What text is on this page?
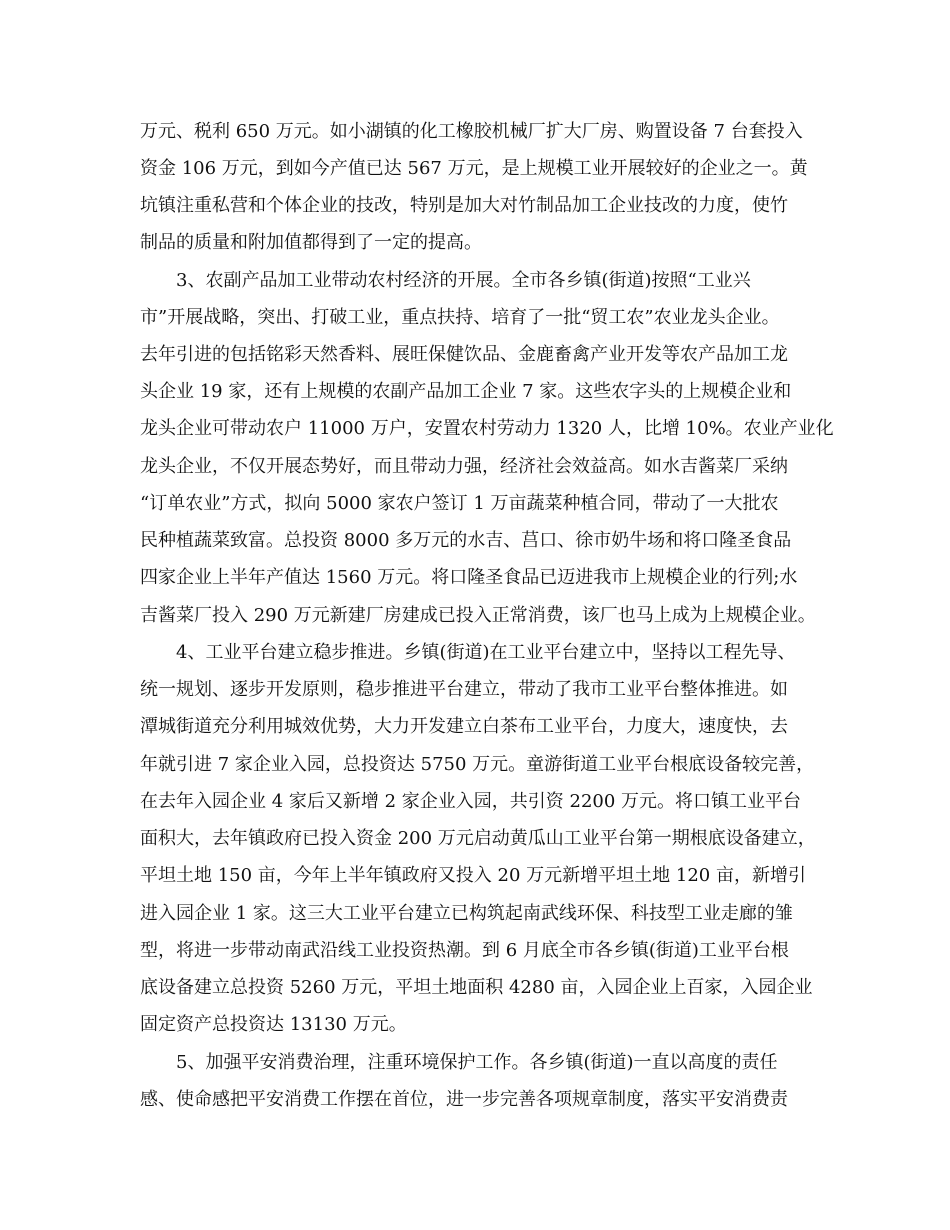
万元、税利 650 万元。如小湖镇的化工橡胶机械厂扩大厂房、购置设备 7 台套投入
资金 106 万元，到如今产值已达 567 万元，是上规模工业开展较好的企业之一。黄
坑镇注重私营和个体企业的技改，特别是加大对竹制品加工企业技改的力度，使竹
制品的质量和附加值都得到了一定的提高。
3、农副产品加工业带动农村经济的开展。全市各乡镇(街道)按照“工业兴
市”开展战略，突出、打破工业，重点扶持、培育了一批“贸工农”农业龙头企业。
去年引进的包括铭彩天然香料、展旺保健饮品、金鹿畜禽产业开发等农产品加工龙
头企业 19 家，还有上规模的农副产品加工企业 7 家。这些农字头的上规模企业和
龙头企业可带动农户 11000 万户，安置农村劳动力 1320 人，比增 10%。农业产业化
龙头企业，不仅开展态势好，而且带动力强，经济社会效益高。如水吉酱菜厂采纳
“订单农业”方式，拟向 5000 家农户签订 1 万亩蔬菜种植合同，带动了一大批农
民种植蔬菜致富。总投资 8000 多万元的水吉、莒口、徐市奶牛场和将口隆圣食品
四家企业上半年产值达 1560 万元。将口隆圣食品已迈进我市上规模企业的行列;水
吉酱菜厂投入 290 万元新建厂房建成已投入正常消费，该厂也马上成为上规模企业。
4、工业平台建立稳步推进。乡镇(街道)在工业平台建立中，坚持以工程先导、
统一规划、逐步开发原则，稳步推进平台建立，带动了我市工业平台整体推进。如
潭城街道充分利用城效优势，大力开发建立白茶布工业平台，力度大，速度快，去
年就引进 7 家企业入园，总投资达 5750 万元。童游街道工业平台根底设备较完善，
在去年入园企业 4 家后又新增 2 家企业入园，共引资 2200 万元。将口镇工业平台
面积大，去年镇政府已投入资金 200 万元启动黄瓜山工业平台第一期根底设备建立，
平坦土地 150 亩，今年上半年镇政府又投入 20 万元新增平坦土地 120 亩，新增引
进入园企业 1 家。这三大工业平台建立已构筑起南武线环保、科技型工业走廊的雏
型，将进一步带动南武沿线工业投资热潮。到 6 月底全市各乡镇(街道)工业平台根
底设备建立总投资 5260 万元，平坦土地面积 4280 亩，入园企业上百家，入园企业
固定资产总投资达 13130 万元。
5、加强平安消费治理，注重环境保护工作。各乡镇(街道)一直以高度的责任
感、使命感把平安消费工作摆在首位，进一步完善各项规章制度，落实平安消费责
